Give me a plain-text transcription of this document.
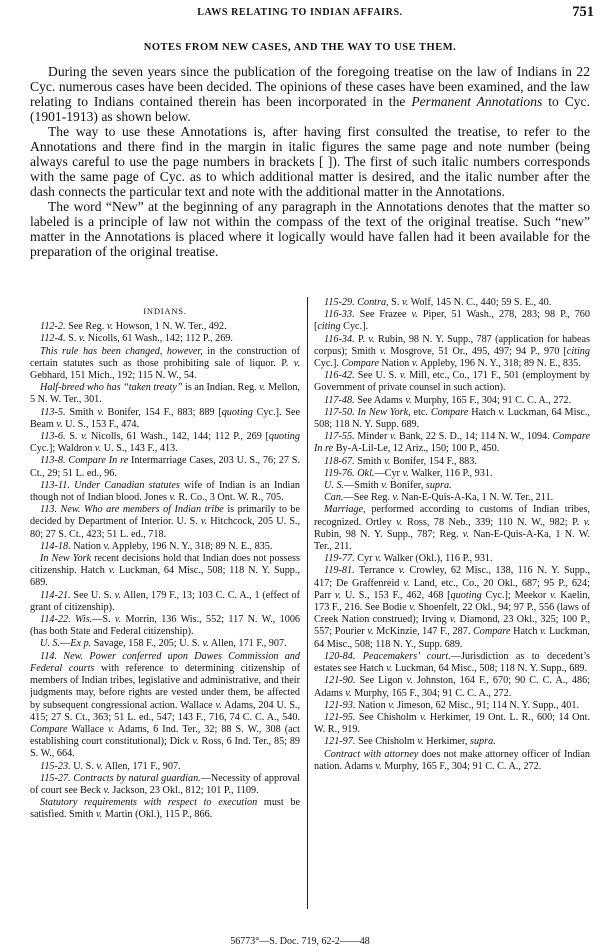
LAWS RELATING TO INDIAN AFFAIRS.	751
NOTES FROM NEW CASES, AND THE WAY TO USE THEM.

During the seven years since the publication of the foregoing treatise on the law of Indians in 22 Cyc. numerous cases have been decided. The opinions of these cases have been examined, and the law relating to Indians contained therein has been incorporated in the Permanent Annotations to Cyc. (1901-1913) as shown below.

The way to use these Annotations is, after having first consulted the treatise, to refer to the Annotations and there find in the margin in italic figures the same page and note number (being always careful to use the page numbers in brackets [ ]). The first of such italic numbers corresponds with the same page of Cyc. as to which additional matter is desired, and the italic number after the dash connects the particular text and note with the additional matter in the Annotations.

The word “New” at the beginning of any paragraph in the Annotations denotes that the matter so labeled is a principle of law not within the compass of the text of the original treatise. Such “new” matter in the Annotations is placed where it logically would have fallen had it been available for the preparation of the original treatise.

INDIANS.

112-2. See Reg. v. Howson, 1 N. W. Ter., 492.

112-4. S. v. Nicolls, 61 Wash., 142; 112 P., 269.

This rule has been changed, however, in the construction of certain statutes such as those prohibiting sale of liquor. P. v. Gebhard, 151 Mich., 192; 115 N. W., 54.

Half-breed who has “taken treaty” is an Indian. Reg. v. Mellon, 5 N. W. Ter., 301.

113-5. Smith v. Bonifer, 154 F., 883; 889 [quoting Cyc.]. See Beam v. U. S., 153 F., 474.

113-6. S. v. Nicolls, 61 Wash., 142, 144; 112 P., 269 [quoting Cyc.]; Waldron v. U. S., 143 F., 413.

113-8. Compare In re Intermarriage Cases, 203 U. S., 76; 27 S. Ct., 29; 51 L. ed., 96.

113-11. Under Canadian statutes wife of Indian is an Indian though not of Indian blood. Jones v. R. Co., 3 Ont. W. R., 705.

113. New. Who are members of Indian tribe is primarily to be decided by Department of Interior. U. S. v. Hitchcock, 205 U. S., 80; 27 S. Ct., 423; 51 L. ed., 718.

114-18. Nation v. Appleby, 196 N. Y., 318; 89 N. E., 835.

In New York recent decisions hold that Indian does not possess citizenship. Hatch v. Luckman, 64 Misc., 508; 118 N. Y. Supp., 689.

114-21. See U. S. v. Allen, 179 F., 13; 103 C. C. A., 1 (effect of grant of citizenship).

114-22. Wis.—S. v. Morrin, 136 Wis., 552; 117 N. W., 1006 (has both State and Federal citizenship).

U. S.—Ex p. Savage, 158 F., 205; U. S. v. Allen, 171 F., 907.

114. New. Power conferred upon Dawes Commission and Federal courts with reference to determining citizenship of members of Indian tribes, legislative and administrative, and their judgments may, before rights are vested under them, be affected by subsequent congressional action. Wallace v. Adams, 204 U. S., 415; 27 S. Ct., 363; 51 L. ed., 547; 143 F., 716, 74 C. C. A., 540. Compare Wallace v. Adams, 6 Ind. Ter., 32; 88 S. W., 308 (act establishing court constitutional); Dick v. Ross, 6 Ind. Ter., 85; 89 S. W., 664.

115-23. U. S. v. Allen, 171 F., 907.

115-27. Contracts by natural guardian.—Necessity of approval of court see Beck v. Jackson, 23 Okl., 812; 101 P., 1109.

Statutory requirements with respect to execution must be satisfied. Smith v. Martin (Okl.), 115 P., 866.

115-29. Contra, S. v. Wolf, 145 N. C., 440; 59 S. E., 40.

116-33. See Frazee v. Piper, 51 Wash., 278, 283; 98 P., 760 [citing Cyc.].

116-34. P. v. Rubin, 98 N. Y. Supp., 787 (application for habeas corpus); Smith v. Mosgrove, 51 Or., 495, 497; 94 P., 970 [citing Cyc.]. Compare Nation v. Appleby, 196 N. Y., 318; 89 N. E., 835.

116-42. See U. S. v. Mill, etc., Co., 171 F., 501 (employment by Government of private counsel in such action).

117-48. See Adams v. Murphy, 165 F., 304; 91 C. C. A., 272.

117-50. In New York, etc. Compare Hatch v. Luckman, 64 Misc., 508; 118 N. Y. Supp. 689.

117-55. Minder v. Bank, 22 S. D., 14; 114 N. W., 1094. Compare In re By-A-Lil-Le, 12 Ariz., 150; 100 P., 450.

118-67. Smith v. Bonifer, 154 F., 883.

119-76. Okl.—Cyr v. Walker, 116 P., 931.

U. S.—Smith v. Bonifer, supra.

Can.—See Reg. v. Nan-E-Quis-A-Ka, 1 N. W. Ter., 211.

Marriage, performed according to customs of Indian tribes, recognized. Ortley v. Ross, 78 Neb., 339; 110 N. W., 982; P. v. Rubin, 98 N. Y. Supp., 787; Reg. v. Nan-E-Quis-A-Ka, 1 N. W. Ter., 211.

119-77. Cyr v. Walker (Okl.), 116 P., 931.

119-81. Terrance v. Crowley, 62 Misc., 138, 116 N. Y. Supp., 417; De Graffenreid v. Land, etc., Co., 20 Okl., 687; 95 P., 624; Parr v. U. S., 153 F., 462, 468 [quoting Cyc.]; Meekor v. Kaelin, 173 F., 216. See Bodie v. Shoenfelt, 22 Okl., 94; 97 P., 556 (laws of Creek Nation construed); Irving v. Diamond, 23 Okl., 325; 100 P., 557; Pourier v. McKinzie, 147 F., 287. Compare Hatch v. Luckman, 64 Misc., 508; 118 N. Y., Supp. 689.

120-84. Peacemakers’ court.—Jurisdiction as to decedent’s estates see Hatch v. Luckman, 64 Misc., 508; 118 N. Y. Supp., 689.

121-90. See Ligon v. Johnston, 164 F., 670; 90 C. C. A., 486; Adams v. Murphy, 165 F., 304; 91 C. C. A., 272.

121-93. Nation v. Jimeson, 62 Misc., 91; 114 N. Y. Supp., 401.

121-95. See Chisholm v. Herkimer, 19 Ont. L. R., 600; 14 Ont. W. R., 919.

121-97. See Chisholm v. Herkimer, supra.

Contract with attorney does not make attorney officer of Indian nation. Adams v. Murphy, 165 F., 304; 91 C. C. A., 272.

56773°—S. Doc. 719, 62-2——48
